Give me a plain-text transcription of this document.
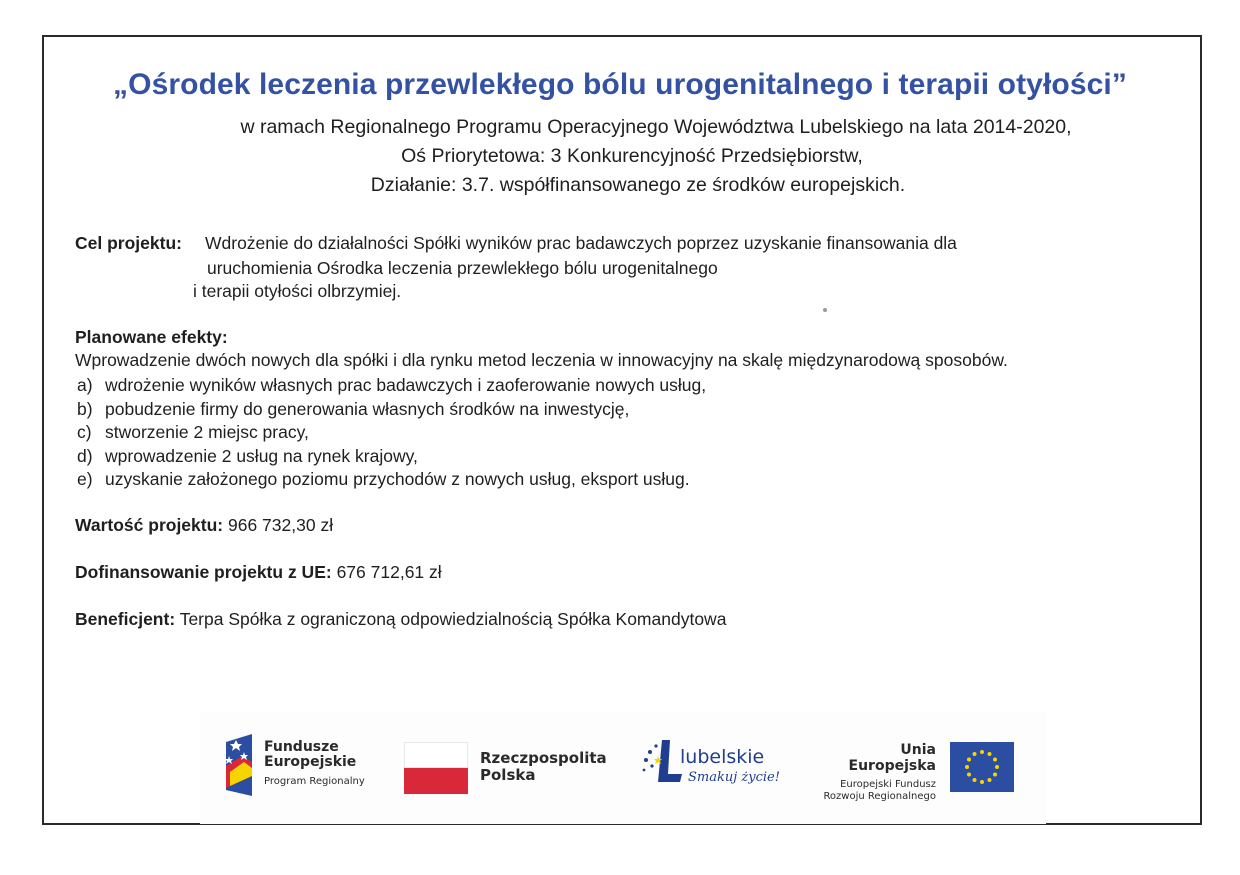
„Ośrodek leczenia przewlekłego bólu urogenitalnego i terapii otyłości”
w ramach Regionalnego Programu Operacyjnego Województwa Lubelskiego na lata 2014-2020,
Oś Priorytetowa: 3 Konkurencyjność Przedsiębiorstw,
Działanie: 3.7. współfinansowanego ze środków europejskich.
Cel projektu: Wdrożenie do działalności Spółki wyników prac badawczych poprzez uzyskanie finansowania dla
uruchomienia Ośrodka leczenia przewlekłego bólu urogenitalnego
i terapii otyłości olbrzymiej.
Planowane efekty:
Wprowadzenie dwóch nowych dla spółki i dla rynku metod leczenia w innowacyjny na skalę międzynarodową sposobów.
a) wdrożenie wyników własnych prac badawczych i zaoferowanie nowych usług,
b) pobudzenie firmy do generowania własnych środków na inwestycję,
c) stworzenie 2 miejsc pracy,
d) wprowadzenie 2 usług na rynek krajowy,
e) uzyskanie założonego poziomu przychodów z nowych usług, eksport usług.
Wartość projektu: 966 732,30 zł
Dofinansowanie projektu z UE: 676 712,61 zł
Beneficjent: Terpa Spółka z ograniczoną odpowiedzialnością Spółka Komandytowa
Fundusze
Europejskie
Program Regionalny
Rzeczpospolita
Polska
lubelskie
Smakuj życie!
Unia Europejska
Europejski Fundusz
Rozwoju Regionalnego
